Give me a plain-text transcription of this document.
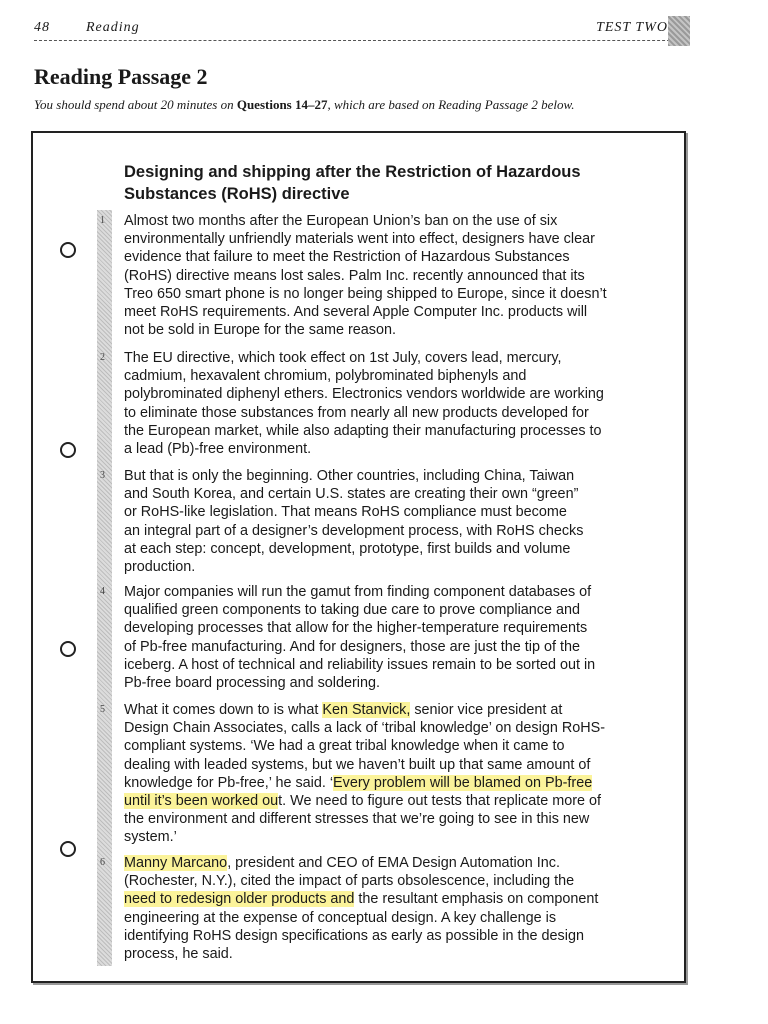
48	Reading	TEST TWO
Reading Passage 2

You should spend about 20 minutes on Questions 14–27, which are based on Reading Passage 2 below.

Designing and shipping after the Restriction of Hazardous
Substances (RoHS) directive
1 Almost two months after the European Union’s ban on the use of six
environmentally unfriendly materials went into effect, designers have clear
evidence that failure to meet the Restriction of Hazardous Substances
(RoHS) directive means lost sales. Palm Inc. recently announced that its
Treo 650 smart phone is no longer being shipped to Europe, since it doesn’t
meet RoHS requirements. And several Apple Computer Inc. products will
not be sold in Europe for the same reason.

2 The EU directive, which took effect on 1st July, covers lead, mercury,
cadmium, hexavalent chromium, polybrominated biphenyls and
polybrominated diphenyl ethers. Electronics vendors worldwide are working
to eliminate those substances from nearly all new products developed for
the European market, while also adapting their manufacturing processes to
a lead (Pb)-free environment.

3 But that is only the beginning. Other countries, including China, Taiwan
and South Korea, and certain U.S. states are creating their own “green”
or RoHS-like legislation. That means RoHS compliance must become
an integral part of a designer’s development process, with RoHS checks
at each step: concept, development, prototype, first builds and volume
production.

4 Major companies will run the gamut from finding component databases of
qualified green components to taking due care to prove compliance and
developing processes that allow for the higher-temperature requirements
of Pb-free manufacturing. And for designers, those are just the tip of the
iceberg. A host of technical and reliability issues remain to be sorted out in
Pb-free board processing and soldering.

5 What it comes down to is what Ken Stanvick, senior vice president at
Design Chain Associates, calls a lack of ‘tribal knowledge’ on design RoHS-
compliant systems. ‘We had a great tribal knowledge when it came to
dealing with leaded systems, but we haven’t built up that same amount of
knowledge for Pb-free,’ he said. ‘Every problem will be blamed on Pb-free
until it’s been worked out. We need to figure out tests that replicate more of
the environment and different stresses that we’re going to see in this new
system.’

6 Manny Marcano, president and CEO of EMA Design Automation Inc.
(Rochester, N.Y.), cited the impact of parts obsolescence, including the
need to redesign older products and the resultant emphasis on component
engineering at the expense of conceptual design. A key challenge is
identifying RoHS design specifications as early as possible in the design
process, he said.
